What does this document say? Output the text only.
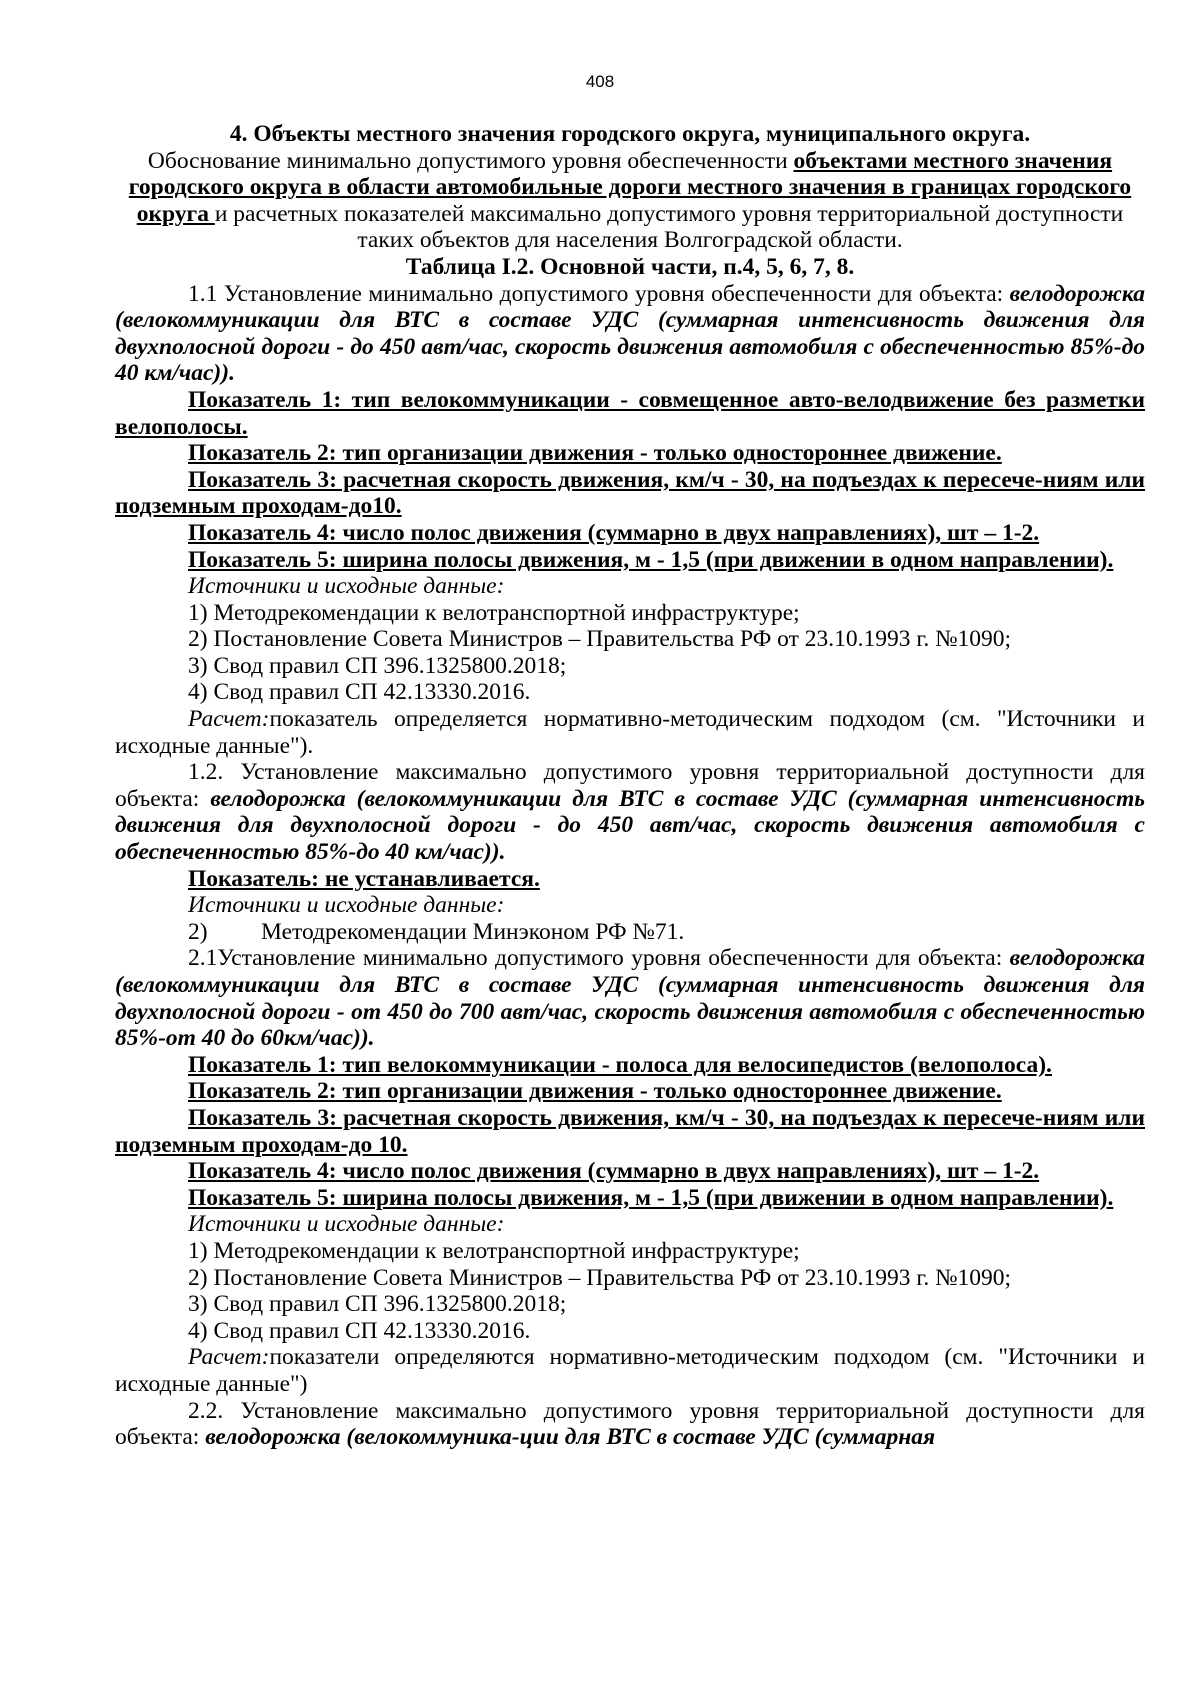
408

4. Объекты местного значения городского округа, муниципального округа.

Обоснование минимально допустимого уровня обеспеченности объектами местного значения городского округа в области автомобильные дороги местного значения в границах городского округа и расчетных показателей максимально допустимого уровня территориальной доступности таких объектов для населения Волгоградской области.

Таблица I.2. Основной части, п.4, 5, 6, 7, 8.

1.1 Установление минимально допустимого уровня обеспеченности для объекта: велодорожка (велокоммуникации для ВТС в составе УДС (суммарная интенсивность движения для двухполосной дороги - до 450 авт/час, скорость движения автомобиля с обеспеченностью 85%-до 40 км/час)).

Показатель 1: тип велокоммуникации - совмещенное авто-велодвижение без разметки велополосы.

Показатель 2: тип организации движения - только одностороннее движение.

Показатель 3: расчетная скорость движения, км/ч - 30, на подъездах к пересече-ниям или подземным проходам-до10.

Показатель 4: число полос движения (суммарно в двух направлениях), шт – 1-2.

Показатель 5: ширина полосы движения, м - 1,5 (при движении в одном направлении).

Источники и исходные данные:

1) Методрекомендации к велотранспортной инфраструктуре;

2) Постановление Совета Министров – Правительства РФ от 23.10.1993 г. №1090;

3) Свод правил СП 396.1325800.2018;

4) Свод правил СП 42.13330.2016.

Расчет:показатель определяется нормативно-методическим подходом (см. "Источники и исходные данные").

1.2. Установление максимально допустимого уровня территориальной доступности для объекта: велодорожка (велокоммуникации для ВТС в составе УДС (суммарная интенсивность движения для двухполосной дороги - до 450 авт/час, скорость движения автомобиля с обеспеченностью 85%-до 40 км/час)).

Показатель: не устанавливается.

Источники и исходные данные:

2) Методрекомендации Минэконом РФ №71.

2.1Установление минимально допустимого уровня обеспеченности для объекта: велодорожка (велокоммуникации для ВТС в составе УДС (суммарная интенсивность движения для двухполосной дороги - от 450 до 700 авт/час, скорость движения автомобиля с обеспеченностью 85%-от 40 до 60км/час)).

Показатель 1: тип велокоммуникации - полоса для велосипедистов (велополоса).

Показатель 2: тип организации движения - только одностороннее движение.

Показатель 3: расчетная скорость движения, км/ч - 30, на подъездах к пересече-ниям или подземным проходам-до 10.

Показатель 4: число полос движения (суммарно в двух направлениях), шт – 1-2.

Показатель 5: ширина полосы движения, м - 1,5 (при движении в одном направлении).

Источники и исходные данные:

1) Методрекомендации к велотранспортной инфраструктуре;

2) Постановление Совета Министров – Правительства РФ от 23.10.1993 г. №1090;

3) Свод правил СП 396.1325800.2018;

4) Свод правил СП 42.13330.2016.

Расчет:показатели определяются нормативно-методическим подходом (см. "Источники и исходные данные")

2.2. Установление максимально допустимого уровня территориальной доступности для объекта: велодорожка (велокоммуника-ции для ВТС в составе УДС (суммарная
